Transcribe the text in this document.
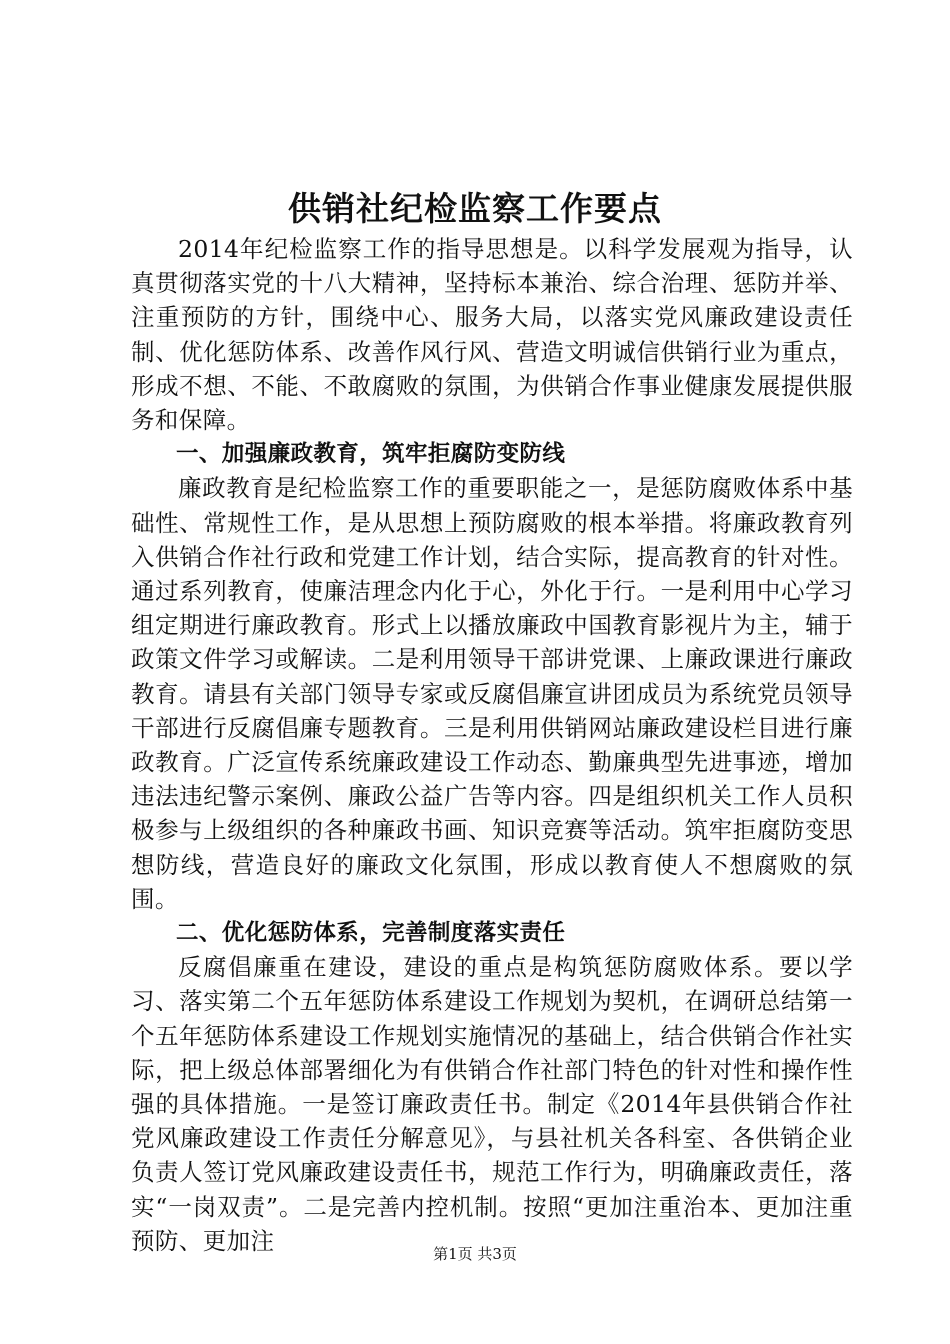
供销社纪检监察工作要点

2014年纪检监察工作的指导思想是。以科学发展观为指导，认真贯彻落实党的十八大精神，坚持标本兼治、综合治理、惩防并举、注重预防的方针，围绕中心、服务大局，以落实党风廉政建设责任制、优化惩防体系、改善作风行风、营造文明诚信供销行业为重点，形成不想、不能、不敢腐败的氛围，为供销合作事业健康发展提供服务和保障。

一、加强廉政教育，筑牢拒腐防变防线

廉政教育是纪检监察工作的重要职能之一，是惩防腐败体系中基础性、常规性工作，是从思想上预防腐败的根本举措。将廉政教育列入供销合作社行政和党建工作计划，结合实际，提高教育的针对性。通过系列教育，使廉洁理念内化于心，外化于行。一是利用中心学习组定期进行廉政教育。形式上以播放廉政中国教育影视片为主，辅于政策文件学习或解读。二是利用领导干部讲党课、上廉政课进行廉政教育。请县有关部门领导专家或反腐倡廉宣讲团成员为系统党员领导干部进行反腐倡廉专题教育。三是利用供销网站廉政建设栏目进行廉政教育。广泛宣传系统廉政建设工作动态、勤廉典型先进事迹，增加违法违纪警示案例、廉政公益广告等内容。四是组织机关工作人员积极参与上级组织的各种廉政书画、知识竞赛等活动。筑牢拒腐防变思想防线，营造良好的廉政文化氛围，形成以教育使人不想腐败的氛围。

二、优化惩防体系，完善制度落实责任

反腐倡廉重在建设，建设的重点是构筑惩防腐败体系。要以学习、落实第二个五年惩防体系建设工作规划为契机，在调研总结第一个五年惩防体系建设工作规划实施情况的基础上，结合供销合作社实际，把上级总体部署细化为有供销合作社部门特色的针对性和操作性强的具体措施。一是签订廉政责任书。制定《2014年县供销合作社党风廉政建设工作责任分解意见》，与县社机关各科室、各供销企业负责人签订党风廉政建设责任书，规范工作行为，明确廉政责任，落实“一岗双责”。二是完善内控机制。按照“更加注重治本、更加注重预防、更加注	第1页 共3页
